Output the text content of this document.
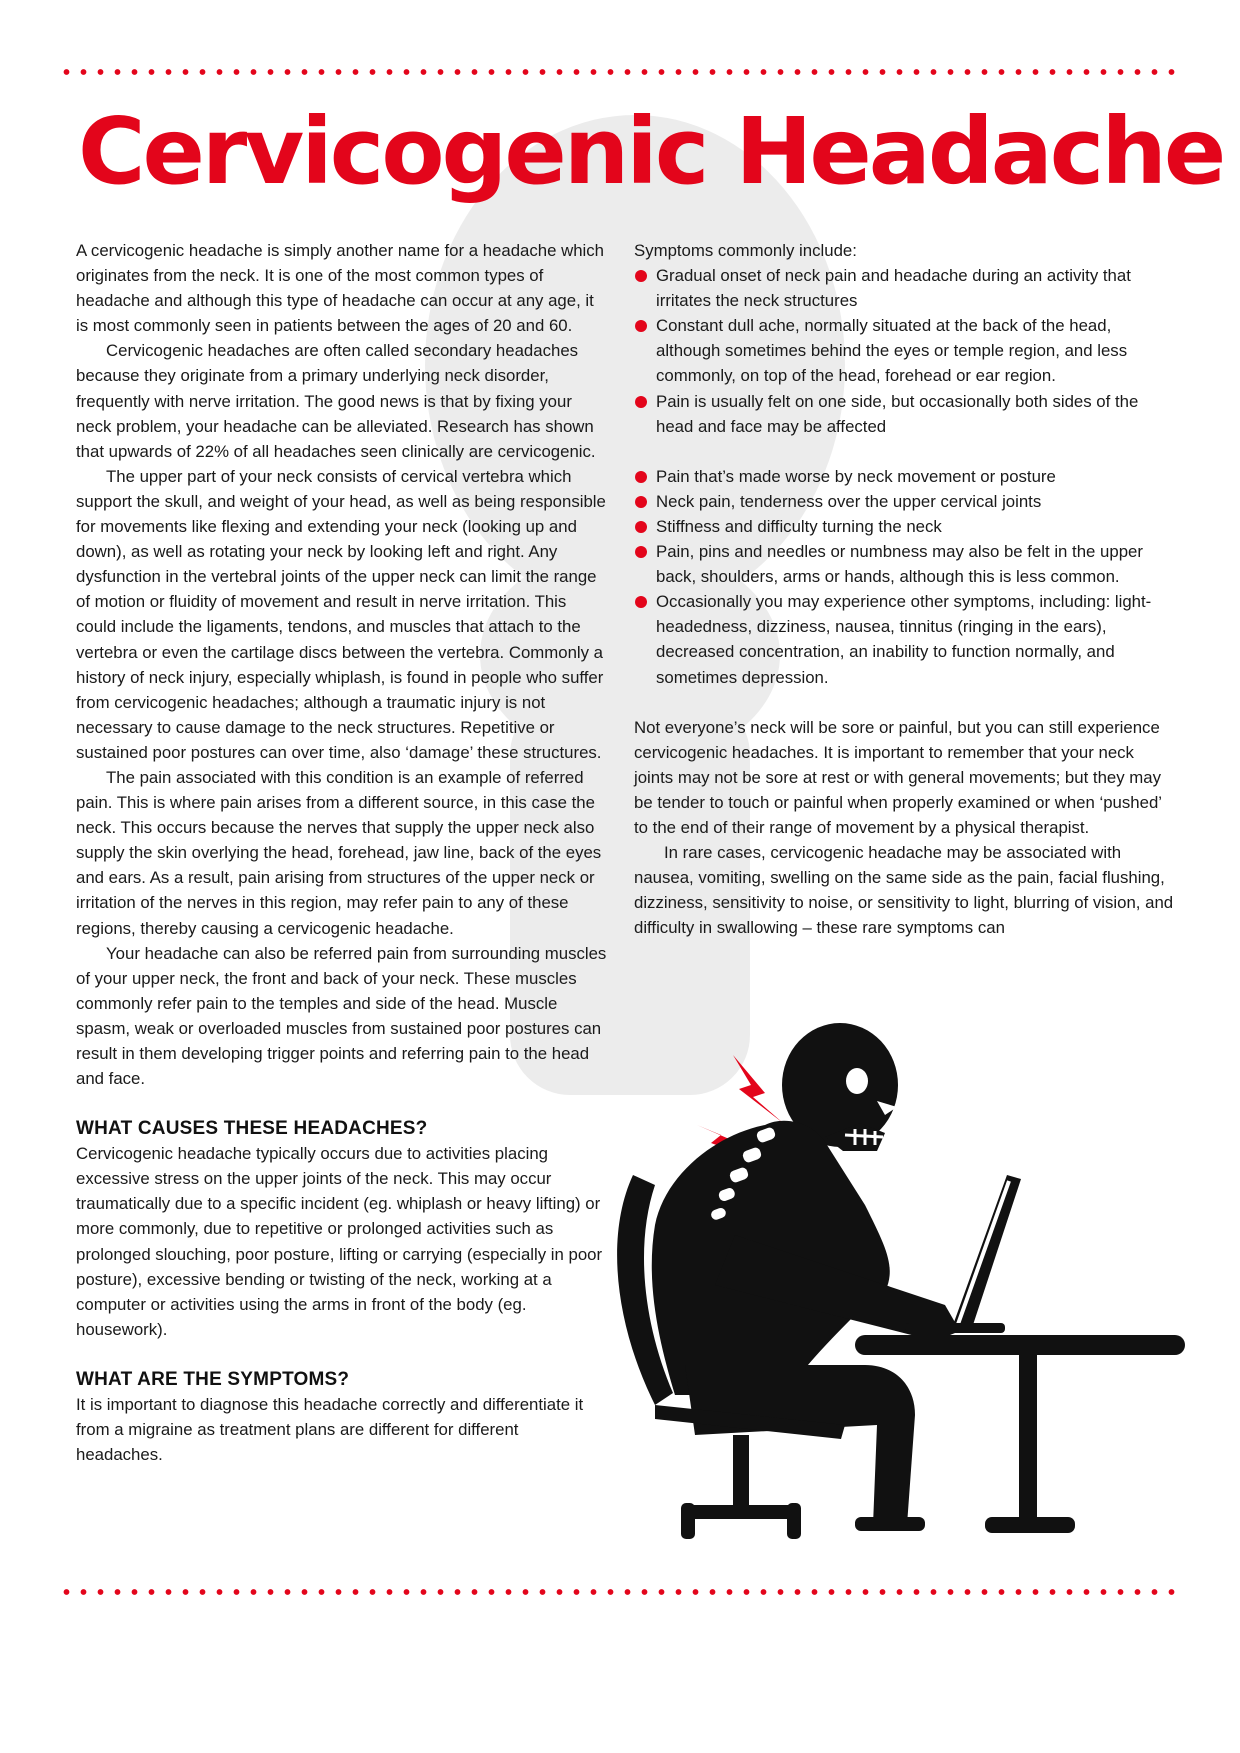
Cervicogenic Headache

A cervicogenic headache is simply another name for a headache which originates from the neck. It is one of the most common types of headache and although this type of headache can occur at any age, it is most commonly seen in patients between the ages of 20 and 60.

Cervicogenic headaches are often called secondary headaches because they originate from a primary underlying neck disorder, frequently with nerve irritation. The good news is that by fixing your neck problem, your headache can be alleviated. Research has shown that upwards of 22% of all headaches seen clinically are cervicogenic.

The upper part of your neck consists of cervical vertebra which support the skull, and weight of your head, as well as being responsible for movements like flexing and extending your neck (looking up and down), as well as rotating your neck by looking left and right. Any dysfunction in the vertebral joints of the upper neck can limit the range of motion or fluidity of movement and result in nerve irritation. This could include the ligaments, tendons, and muscles that attach to the vertebra or even the cartilage discs between the vertebra. Commonly a history of neck injury, especially whiplash, is found in people who suffer from cervicogenic headaches; although a traumatic injury is not necessary to cause damage to the neck structures. Repetitive or sustained poor postures can over time, also ‘damage’ these structures.

The pain associated with this condition is an example of referred pain. This is where pain arises from a different source, in this case the neck. This occurs because the nerves that supply the upper neck also supply the skin overlying the head, forehead, jaw line, back of the eyes and ears. As a result, pain arising from structures of the upper neck or irritation of the nerves in this region, may refer pain to any of these regions, thereby causing a cervicogenic headache.

Your headache can also be referred pain from surrounding muscles of your upper neck, the front and back of your neck. These muscles commonly refer pain to the temples and side of the head. Muscle spasm, weak or overloaded muscles from sustained poor postures can result in them developing trigger points and referring pain to the head and face.

WHAT CAUSES THESE HEADACHES?

Cervicogenic headache typically occurs due to activities placing excessive stress on the upper joints of the neck. This may occur traumatically due to a specific incident (eg. whiplash or heavy lifting) or more commonly, due to repetitive or prolonged activities such as prolonged slouching, poor posture, lifting or carrying (especially in poor posture), excessive bending or twisting of the neck, working at a computer or activities using the arms in front of the body (eg. housework).

WHAT ARE THE SYMPTOMS?

It is important to diagnose this headache correctly and differentiate it from a migraine as treatment plans are different for different headaches.

Symptoms commonly include:

Gradual onset of neck pain and headache during an activity that irritates the neck structures
Constant dull ache, normally situated at the back of the head, although sometimes behind the eyes or temple region, and less commonly, on top of the head, forehead or ear region.
Pain is usually felt on one side, but occasionally both sides of the head and face may be affected
Pain that’s made worse by neck movement or posture
Neck pain, tenderness over the upper cervical joints
Stiffness and difficulty turning the neck
Pain, pins and needles or numbness may also be felt in the upper back, shoulders, arms or hands, although this is less common.
Occasionally you may experience other symptoms, including: light-headedness, dizziness, nausea, tinnitus (ringing in the ears), decreased concentration, an inability to function normally, and sometimes depression.

Not everyone’s neck will be sore or painful, but you can still experience cervicogenic headaches. It is important to remember that your neck joints may not be sore at rest or with general movements; but they may be tender to touch or painful when properly examined or when ‘pushed’ to the end of their range of movement by a physical therapist.

In rare cases, cervicogenic headache may be associated with nausea, vomiting, swelling on the same side as the pain, facial flushing, dizziness, sensitivity to noise, or sensitivity to light, blurring of vision, and difficulty in swallowing – these rare symptoms can
